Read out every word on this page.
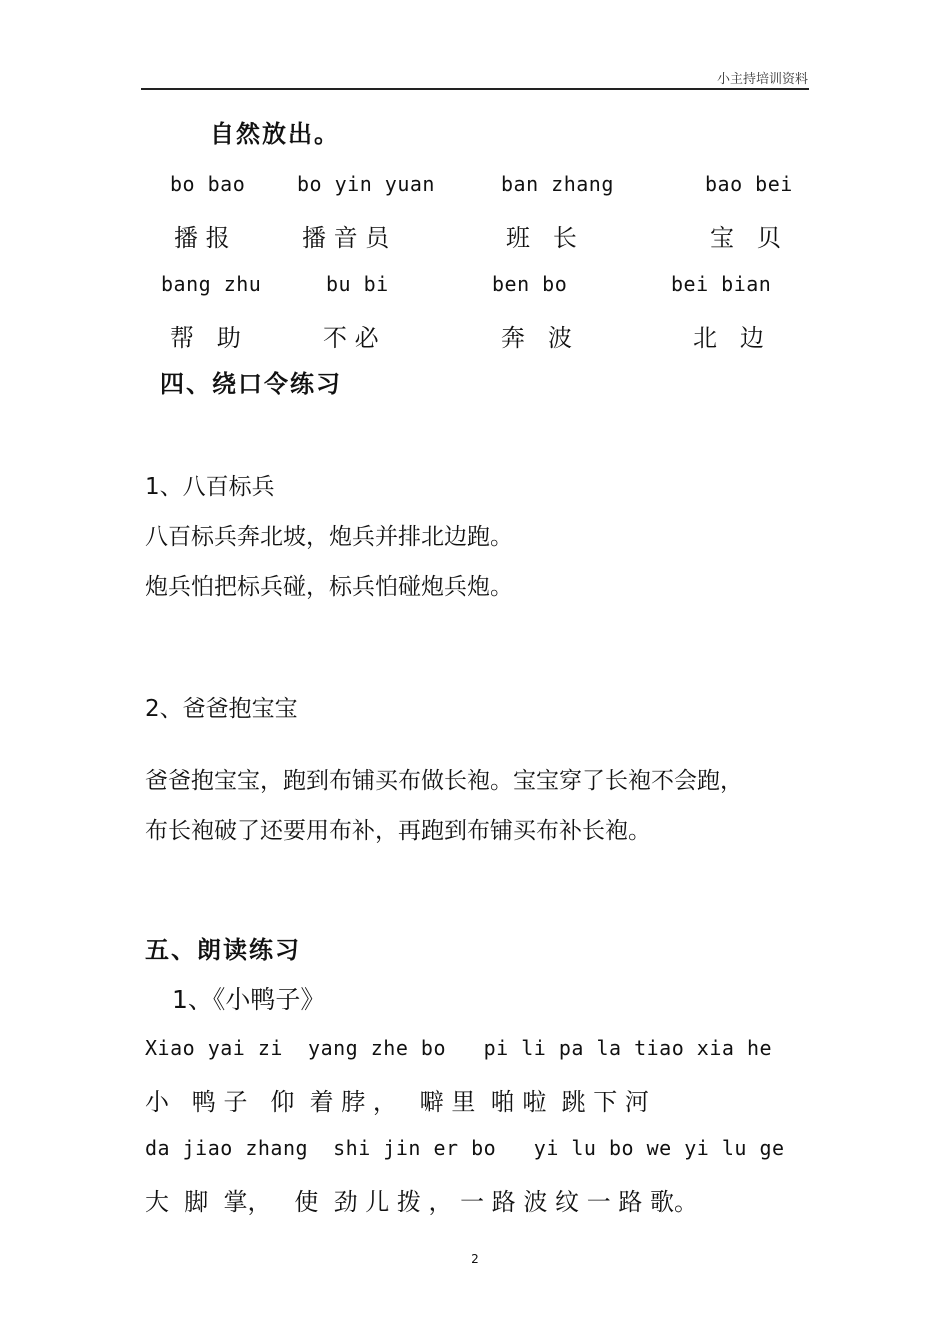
小主持培训资料
自然放出。
bo bao	bo yin yuan	ban zhang	bao bei
播 报	播 音 员	班   长	宝   贝
bang zhu	bu bi	ben bo	bei bian
帮   助	不 必	奔   波	北   边
四、绕口令练习
1、八百标兵
八百标兵奔北坡，炮兵并排北边跑。
炮兵怕把标兵碰，标兵怕碰炮兵炮。
2、爸爸抱宝宝
爸爸抱宝宝，跑到布铺买布做长袍。宝宝穿了长袍不会跑，
布长袍破了还要用布补，再跑到布铺买布补长袍。
五、朗读练习
1、《小鸭子》
Xiao yai zi  yang zhe bo   pi li pa la tiao xia he
小   鸭 子   仰  着 脖 ，   噼 里  啪 啦  跳 下 河
da jiao zhang  shi jin er bo   yi lu bo we yi lu ge
大  脚  掌，   使  劲 儿 拨 ， 一 路 波 纹 一 路 歌。
2
